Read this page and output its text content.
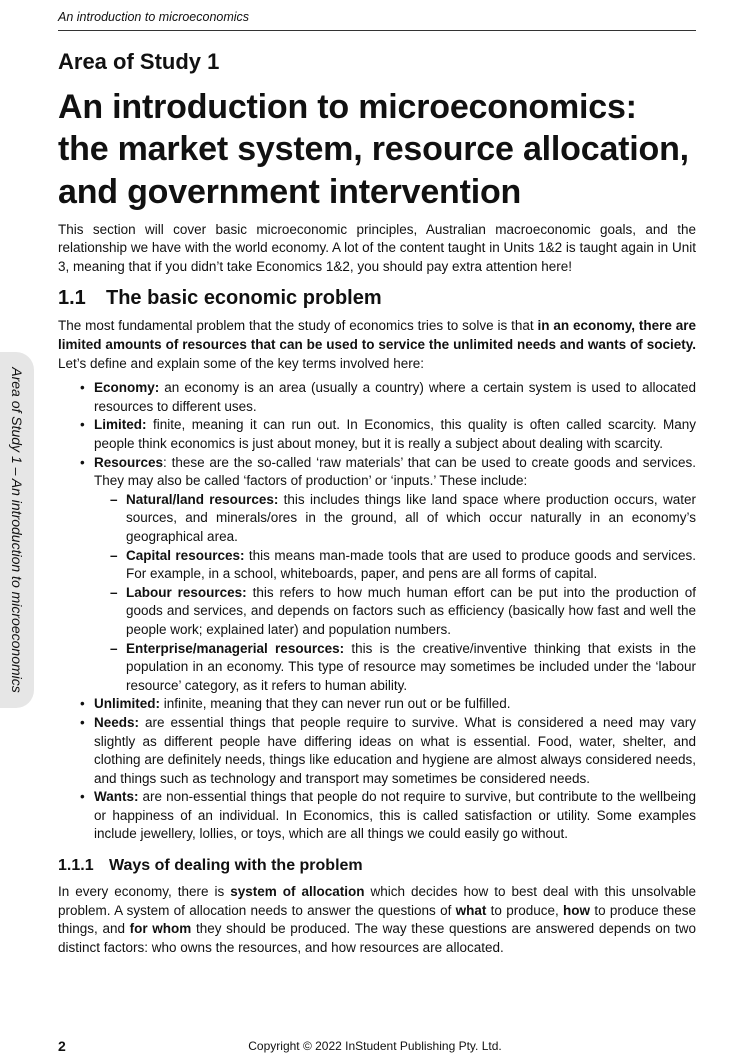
An introduction to microeconomics
Area of Study 1 – An introduction to microeconomics
Area of Study 1
An introduction to microeconomics: the market system, resource allocation, and government intervention

This section will cover basic microeconomic principles, Australian macroeconomic goals, and the relationship we have with the world economy. A lot of the content taught in Units 1&2 is taught again in Unit 3, meaning that if you didn’t take Economics 1&2, you should pay extra attention here!

1.1 The basic economic problem

The most fundamental problem that the study of economics tries to solve is that in an economy, there are limited amounts of resources that can be used to service the unlimited needs and wants of society. Let’s define and explain some of the key terms involved here:

• Economy: an economy is an area (usually a country) where a certain system is used to allocated resources to different uses.
• Limited: finite, meaning it can run out. In Economics, this quality is often called scarcity. Many people think economics is just about money, but it is really a subject about dealing with scarcity.
• Resources: these are the so-called ‘raw materials’ that can be used to create goods and services. They may also be called ‘factors of production’ or ‘inputs.’ These include:
– Natural/land resources: this includes things like land space where production occurs, water sources, and minerals/ores in the ground, all of which occur naturally in an economy’s geographical area.
– Capital resources: this means man-made tools that are used to produce goods and services. For example, in a school, whiteboards, paper, and pens are all forms of capital.
– Labour resources: this refers to how much human effort can be put into the production of goods and services, and depends on factors such as efficiency (basically how fast and well the people work; explained later) and population numbers.
– Enterprise/managerial resources: this is the creative/inventive thinking that exists in the population in an economy. This type of resource may sometimes be included under the ‘labour resource’ category, as it refers to human ability.
• Unlimited: infinite, meaning that they can never run out or be fulfilled.
• Needs: are essential things that people require to survive. What is considered a need may vary slightly as different people have differing ideas on what is essential. Food, water, shelter, and clothing are definitely needs, things like education and hygiene are almost always considered needs, and things such as technology and transport may sometimes be considered needs.
• Wants: are non-essential things that people do not require to survive, but contribute to the wellbeing or happiness of an individual. In Economics, this is called satisfaction or utility. Some examples include jewellery, lollies, or toys, which are all things we could easily go without.
1.1.1 Ways of dealing with the problem

In every economy, there is system of allocation which decides how to best deal with this unsolvable problem. A system of allocation needs to answer the questions of what to produce, how to produce these things, and for whom they should be produced. The way these questions are answered depends on two distinct factors: who owns the resources, and how resources are allocated.

2	Copyright © 2022 InStudent Publishing Pty. Ltd.
